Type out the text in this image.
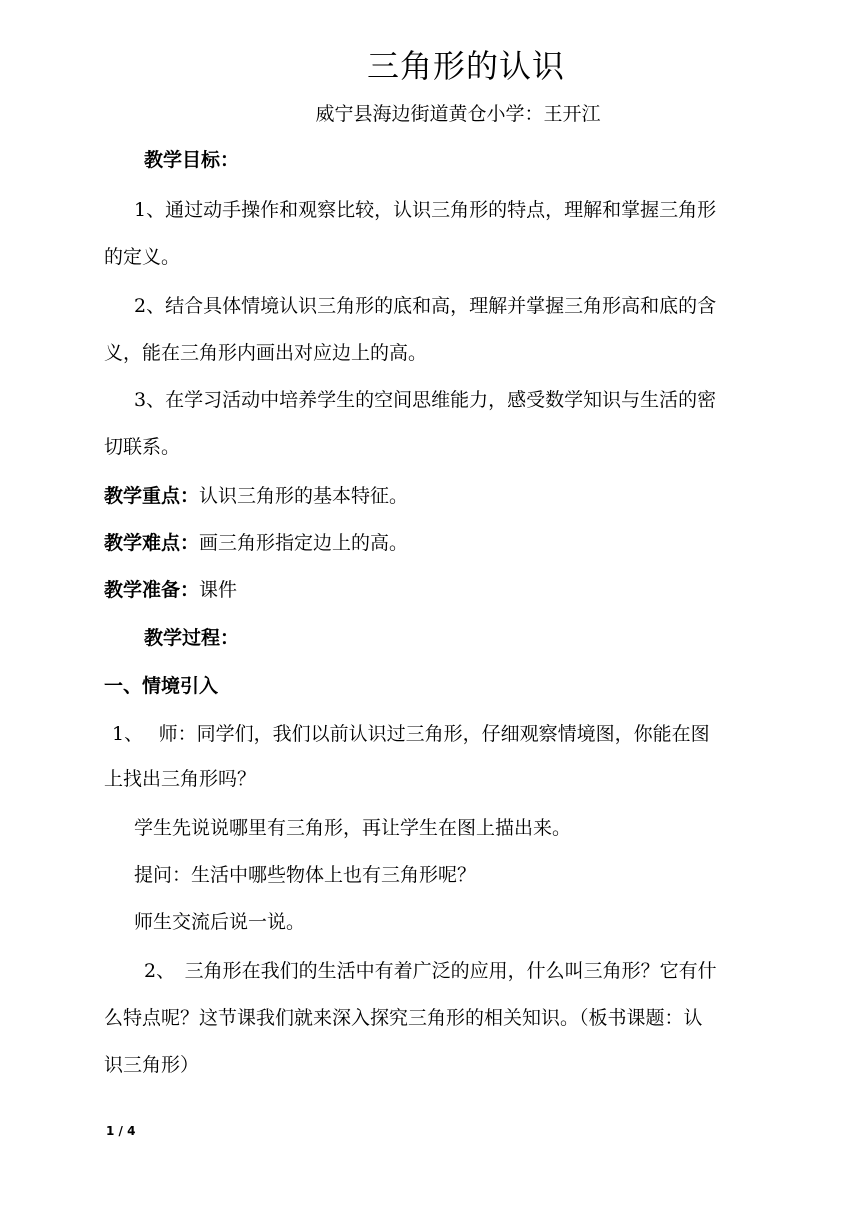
三角形的认识
威宁县海边街道黄仓小学：王开江
教学目标：
1、通过动手操作和观察比较，认识三角形的特点，理解和掌握三角形
的定义。
2、结合具体情境认识三角形的底和高，理解并掌握三角形高和底的含
义，能在三角形内画出对应边上的高。
3、在学习活动中培养学生的空间思维能力，感受数学知识与生活的密
切联系。
教学重点：认识三角形的基本特征。
教学难点：画三角形指定边上的高。
教学准备：课件
教学过程：
一、情境引入
1、　 师：同学们，我们以前认识过三角形，仔细观察情境图，你能在图
上找出三角形吗？
学生先说说哪里有三角形，再让学生在图上描出来。
提问：生活中哪些物体上也有三角形呢？
师生交流后说一说。
2、　三角形在我们的生活中有着广泛的应用，什么叫三角形？它有什
么特点呢？这节课我们就来深入探究三角形的相关知识。（板书课题：认
识三角形）
1 / 4
